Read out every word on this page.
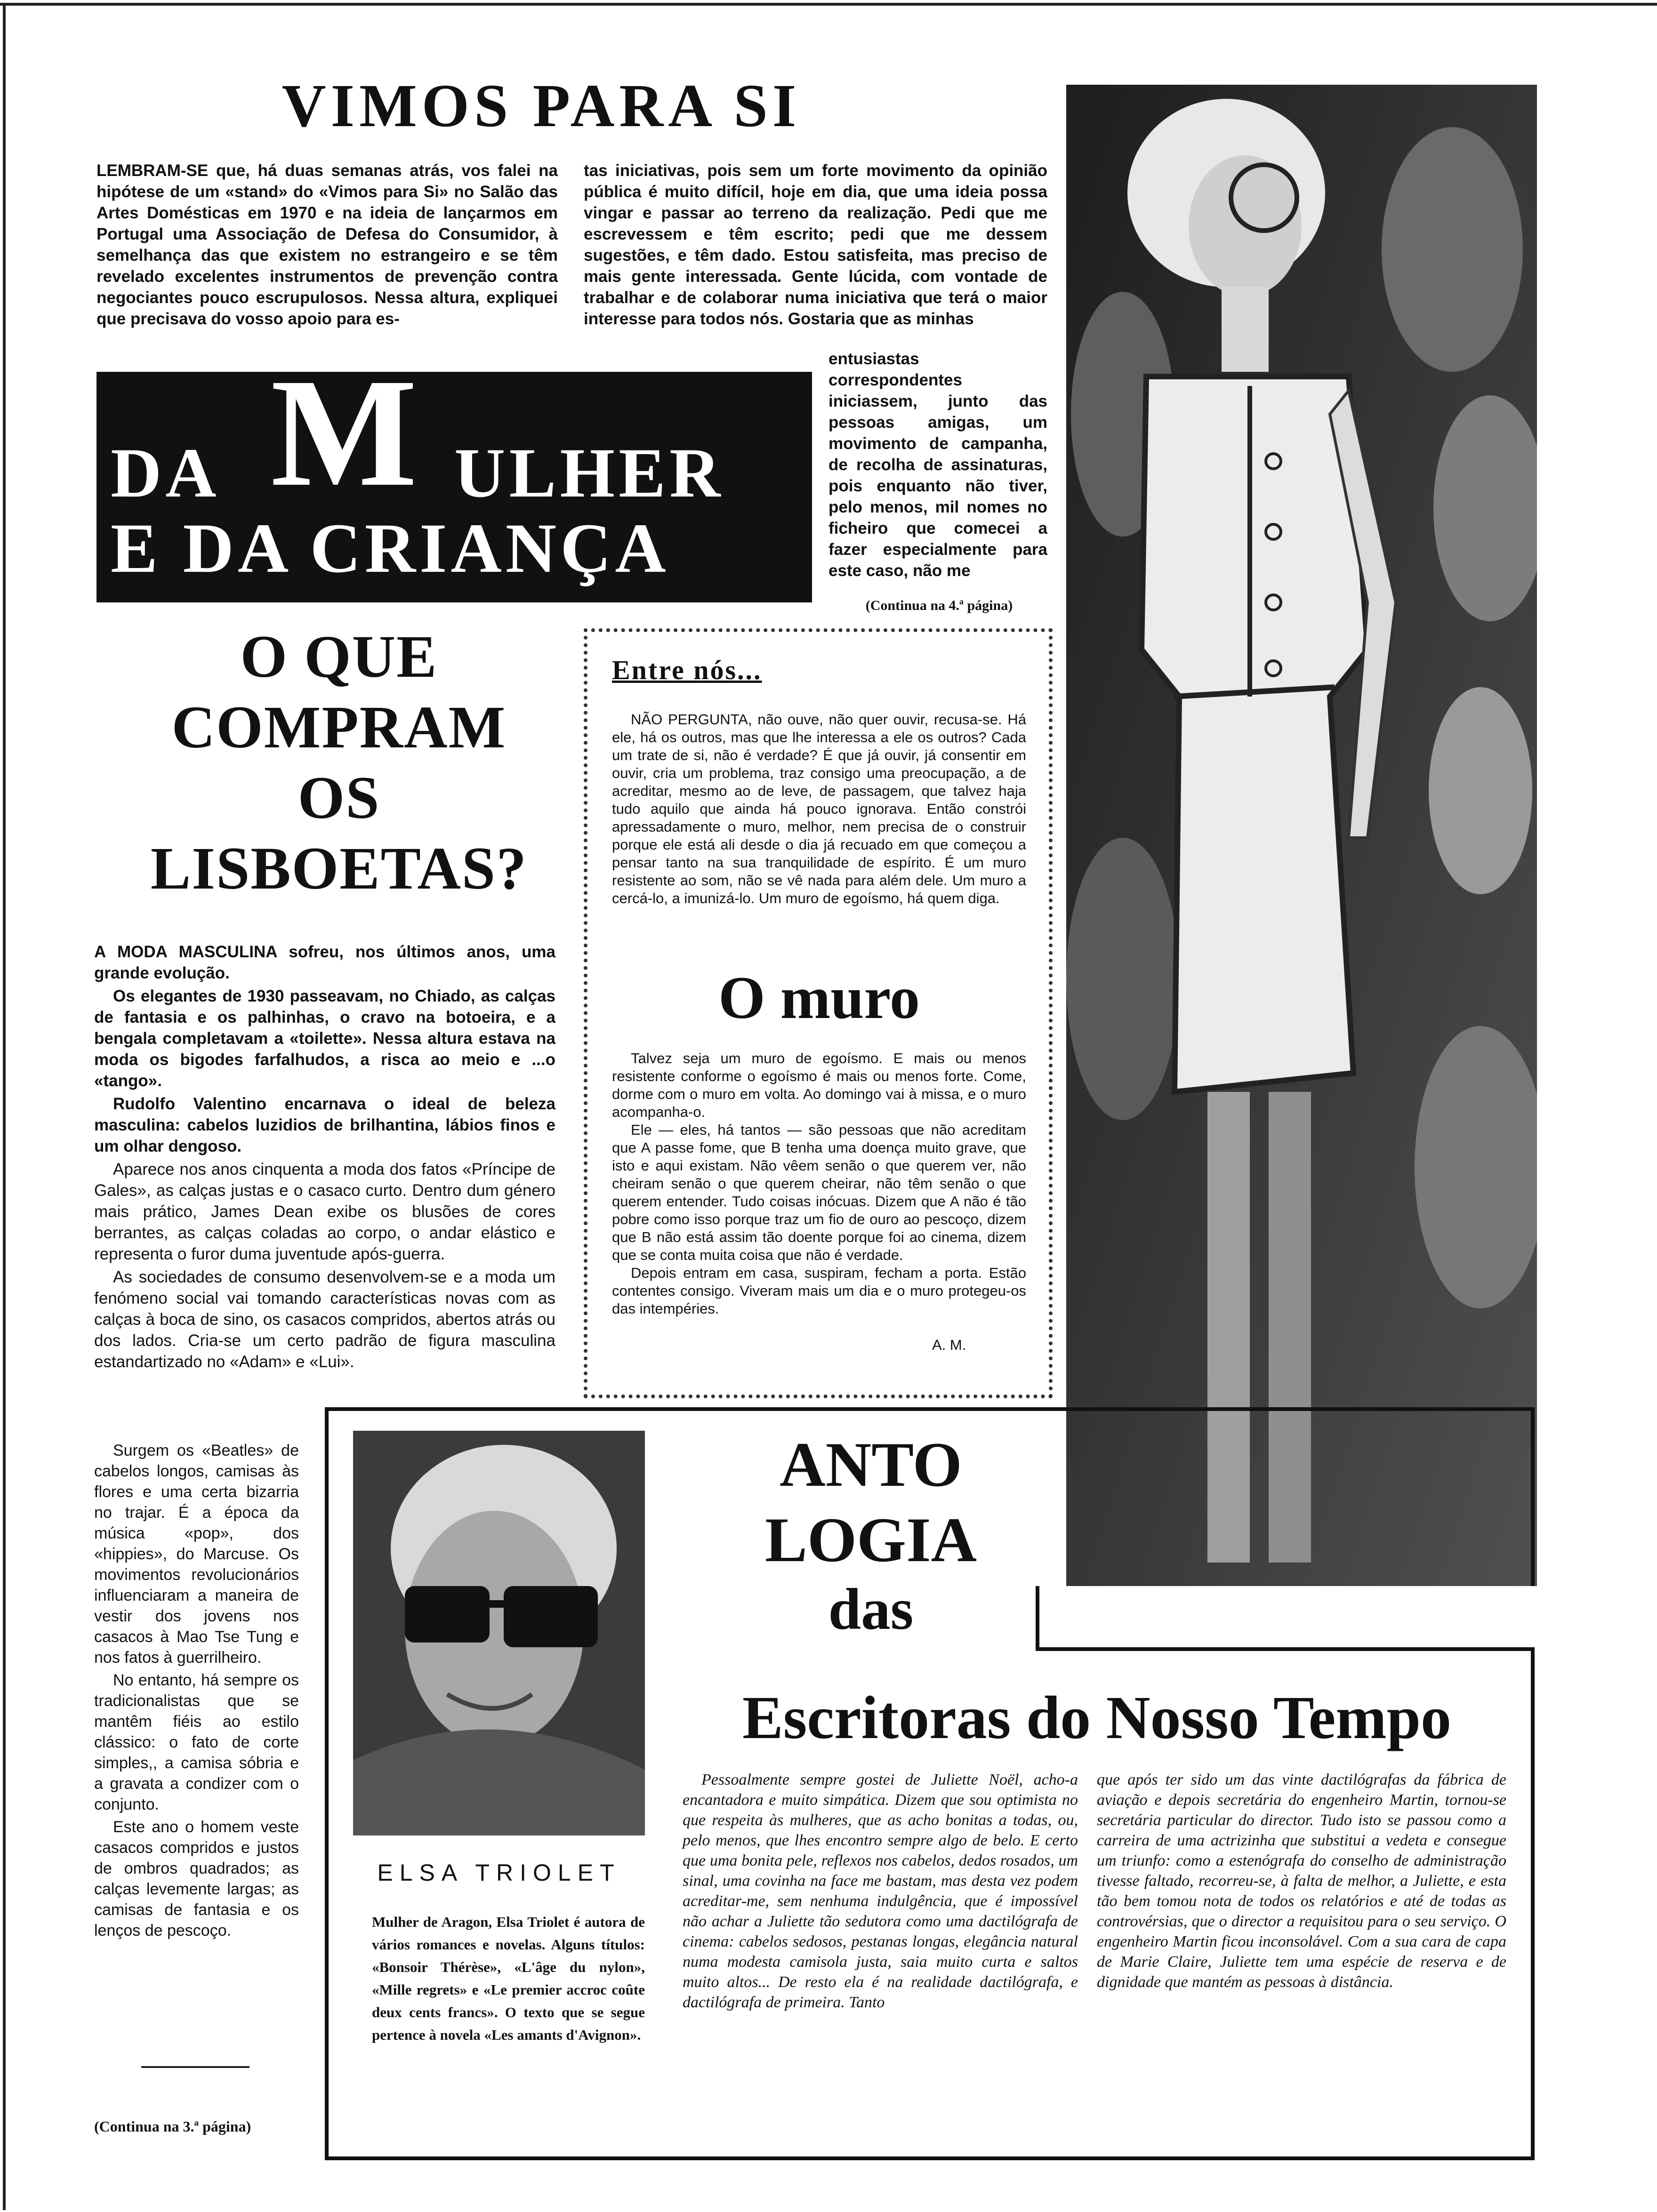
VIMOS PARA SI
LEMBRAM-SE que, há duas semanas atrás, vos falei na hipótese de um «stand» do «Vimos para Si» no Salão das Artes Domésticas em 1970 e na ideia de lançarmos em Portugal uma Associação de Defesa do Consumidor, à semelhança das que existem no estrangeiro e se têm revelado excelentes instrumentos de prevenção contra negociantes pouco escrupulosos. Nessa altura, expliquei que precisava do vosso apoio para es-
tas iniciativas, pois sem um forte movimento da opinião pública é muito difícil, hoje em dia, que uma ideia possa vingar e passar ao terreno da realização. Pedi que me escrevessem e têm escrito; pedi que me dessem sugestões, e têm dado. Estou satisfeita, mas preciso de mais gente interessada. Gente lúcida, com vontade de trabalhar e de colaborar numa iniciativa que terá o maior interesse para todos nós. Gostaria que as minhas
entusiastas correspondentes iniciassem, junto das pessoas amigas, um movimento de campanha, de recolha de assinaturas, pois enquanto não tiver, pelo menos, mil nomes no ficheiro que comecei a fazer especialmente para este caso, não me
(Continua na 4.ª página)
DA M ULHER
E DA CRIANÇA
O QUE
COMPRAM
OS
LISBOETAS?

A MODA MASCULINA sofreu, nos últimos anos, uma grande evolução.

Os elegantes de 1930 passeavam, no Chiado, as calças de fantasia e os palhinhas, o cravo na botoeira, e a bengala completavam a «toilette». Nessa altura estava na moda os bigodes farfalhudos, a risca ao meio e ...o «tango».

Rudolfo Valentino encarnava o ideal de beleza masculina: cabelos luzidios de brilhantina, lábios finos e um olhar dengoso.

Aparece nos anos cinquenta a moda dos fatos «Príncipe de Gales», as calças justas e o casaco curto. Dentro dum género mais prático, James Dean exibe os blusões de cores berrantes, as calças coladas ao corpo, o andar elástico e representa o furor duma juventude após-guerra.

As sociedades de consumo desenvolvem-se e a moda um fenómeno social vai tomando características novas com as calças à boca de sino, os casacos compridos, abertos atrás ou dos lados. Cria-se um certo padrão de figura masculina estandartizado no «Adam» e «Lui».

Surgem os «Beatles» de cabelos longos, camisas às flores e uma certa bizarria no trajar. É a época da música «pop», dos «hippies», do Marcuse. Os movimentos revolucionários influenciaram a maneira de vestir dos jovens nos casacos à Mao Tse Tung e nos fatos à guerrilheiro.

No entanto, há sempre os tradicionalistas que se mantêm fiéis ao estilo clássico: o fato de corte simples,, a camisa sóbria e a gravata a condizer com o conjunto.

Este ano o homem veste casacos compridos e justos de ombros quadrados; as calças levemente largas; as camisas de fantasia e os lenços de pescoço.

(Continua na 3.ª página)
Entre nós...

NÃO PERGUNTA, não ouve, não quer ouvir, recusa-se. Há ele, há os outros, mas que lhe interessa a ele os outros? Cada um trate de si, não é verdade? É que já ouvir, já consentir em ouvir, cria um problema, traz consigo uma preocupação, a de acreditar, mesmo ao de leve, de passagem, que talvez haja tudo aquilo que ainda há pouco ignorava. Então constrói apressadamente o muro, melhor, nem precisa de o construir porque ele está ali desde o dia já recuado em que começou a pensar tanto na sua tranquilidade de espírito. É um muro resistente ao som, não se vê nada para além dele. Um muro a cercá-lo, a imunizá-lo. Um muro de egoísmo, há quem diga.

O muro

Talvez seja um muro de egoísmo. E mais ou menos resistente conforme o egoísmo é mais ou menos forte. Come, dorme com o muro em volta. Ao domingo vai à missa, e o muro acompanha-o.

Ele — eles, há tantos — são pessoas que não acreditam que A passe fome, que B tenha uma doença muito grave, que isto e aqui existam. Não vêem senão o que querem ver, não cheiram senão o que querem cheirar, não têm senão o que querem entender. Tudo coisas inócuas. Dizem que A não é tão pobre como isso porque traz um fio de ouro ao pescoço, dizem que B não está assim tão doente porque foi ao cinema, dizem que se conta muita coisa que não é verdade.

Depois entram em casa, suspiram, fecham a porta. Estão contentes consigo. Viveram mais um dia e o muro protegeu-os das intempéries.

A. M.
ELSA TRIOLET
Mulher de Aragon, Elsa Triolet é autora de vários romances e novelas. Alguns títulos: «Bonsoir Thérèse», «L'âge du nylon», «Mille regrets» e «Le premier accroc coûte deux cents francs». O texto que se segue pertence à novela «Les amants d'Avignon».
ANTO
LOGIA
das
Escritoras do Nosso Tempo

Pessoalmente sempre gostei de Juliette Noël, acho-a encantadora e muito simpática. Dizem que sou optimista no que respeita às mulheres, que as acho bonitas a todas, ou, pelo menos, que lhes encontro sempre algo de belo. E certo que uma bonita pele, reflexos nos cabelos, dedos rosados, um sinal, uma covinha na face me bastam, mas desta vez podem acreditar-me, sem nenhuma indulgência, que é impossível não achar a Juliette tão sedutora como uma dactilógrafa de cinema: cabelos sedosos, pestanas longas, elegância natural numa modesta camisola justa, saia muito curta e saltos muito altos... De resto ela é na realidade dactilógrafa, e dactilógrafa de primeira. Tanto

que após ter sido um das vinte dactilógrafas da fábrica de aviação e depois secretária do engenheiro Martin, tornou-se secretária particular do director. Tudo isto se passou como a carreira de uma actrizinha que substitui a vedeta e consegue um triunfo: como a estenógrafa do conselho de administração tivesse faltado, recorreu-se, à falta de melhor, a Juliette, e esta tão bem tomou nota de todos os relatórios e até de todas as controvérsias, que o director a requisitou para o seu serviço. O engenheiro Martin ficou inconsolável. Com a sua cara de capa de Marie Claire, Juliette tem uma espécie de reserva e de dignidade que mantém as pessoas à distância.
